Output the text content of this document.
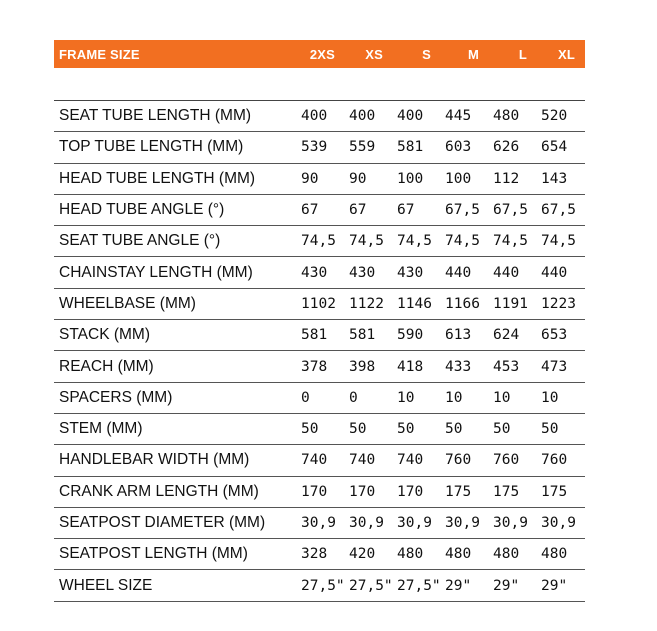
FRAME SIZE	2XS	XS	S	M	L	XL
SEAT TUBE LENGTH (MM)	400	400	400	445	480	520
TOP TUBE LENGTH (MM)	539	559	581	603	626	654
HEAD TUBE LENGTH (MM)	90	90	100	100	112	143
HEAD TUBE ANGLE (°)	67	67	67	67,5 67,5 67,5
SEAT TUBE ANGLE (°)	74,5 74,5 74,5 74,5 74,5 74,5
CHAINSTAY LENGTH (MM)	430	430	430	440	440	440
WHEELBASE (MM)	1102 1122 1146 1166 1191 1223
STACK (MM)	581	581	590	613	624	653
REACH (MM)	378	398	418	433	453	473
SPACERS (MM)	0	0	10	10	10	10
STEM (MM)	50	50	50	50	50	50
HANDLEBAR WIDTH (MM)	740	740	740	760	760	760
CRANK ARM LENGTH (MM)	170	170	170	175	175	175
SEATPOST DIAMETER (MM)	30,9 30,9 30,9 30,9 30,9 30,9
SEATPOST LENGTH (MM)	328	420	480	480	480	480
WHEEL SIZE	27,5" 27,5" 27,5" 29"	29"	29"
